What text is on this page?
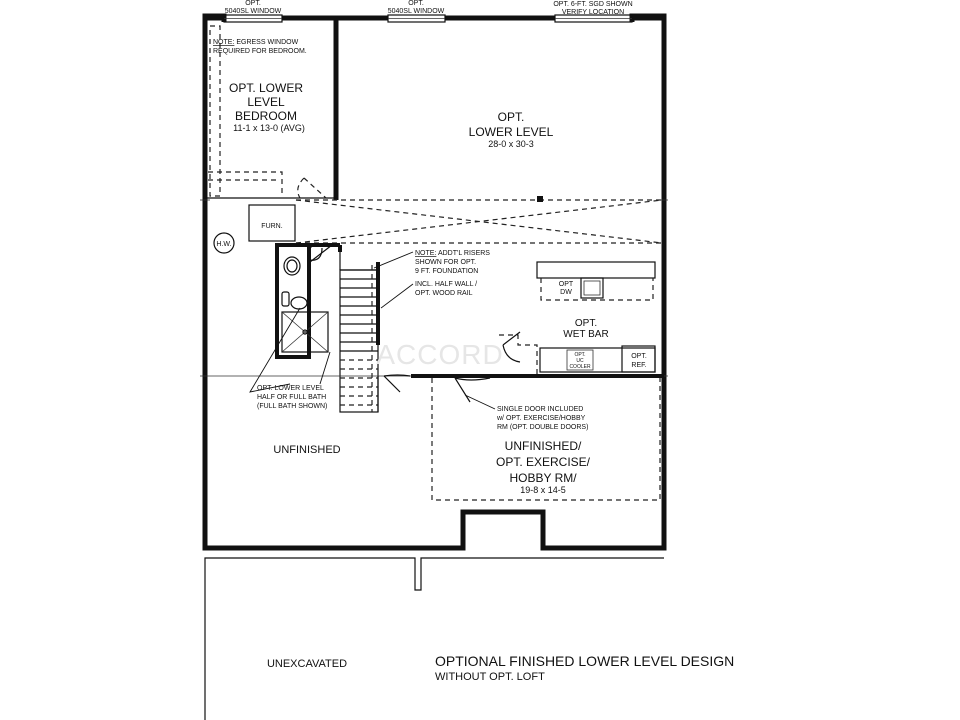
OPT.
5040SL WINDOW
OPT.
5040SL WINDOW
OPT. 6-FT. SGD SHOWN
VERIFY LOCATION
NOTE: EGRESS WINDOW
REQUIRED FOR BEDROOM.
OPT. LOWER
LEVEL
BEDROOM
11-1 x 13-0 (AVG)
OPT.
LOWER LEVEL
28-0 x 30-3
FURN.
H.W.
NOTE: ADDT'L RISERS
SHOWN FOR OPT.
9 FT. FOUNDATION
INCL. HALF WALL /
OPT. WOOD RAIL
OPT
DW
OPT.
WET BAR
OPT.
UC
COOLER
OPT.
REF.
OPT. LOWER LEVEL
HALF OR FULL BATH
(FULL BATH SHOWN)	SINGLE DOOR INCLUDED
w/ OPT. EXERCISE/HOBBY
RM (OPT. DOUBLE DOORS)
UNFINISHED	UNFINISHED/
OPT. EXERCISE/
HOBBY RM/
19-8 x 14-5
UNEXCAVATED	OPTIONAL FINISHED LOWER LEVEL DESIGN
WITHOUT OPT. LOFT
ACCORD
